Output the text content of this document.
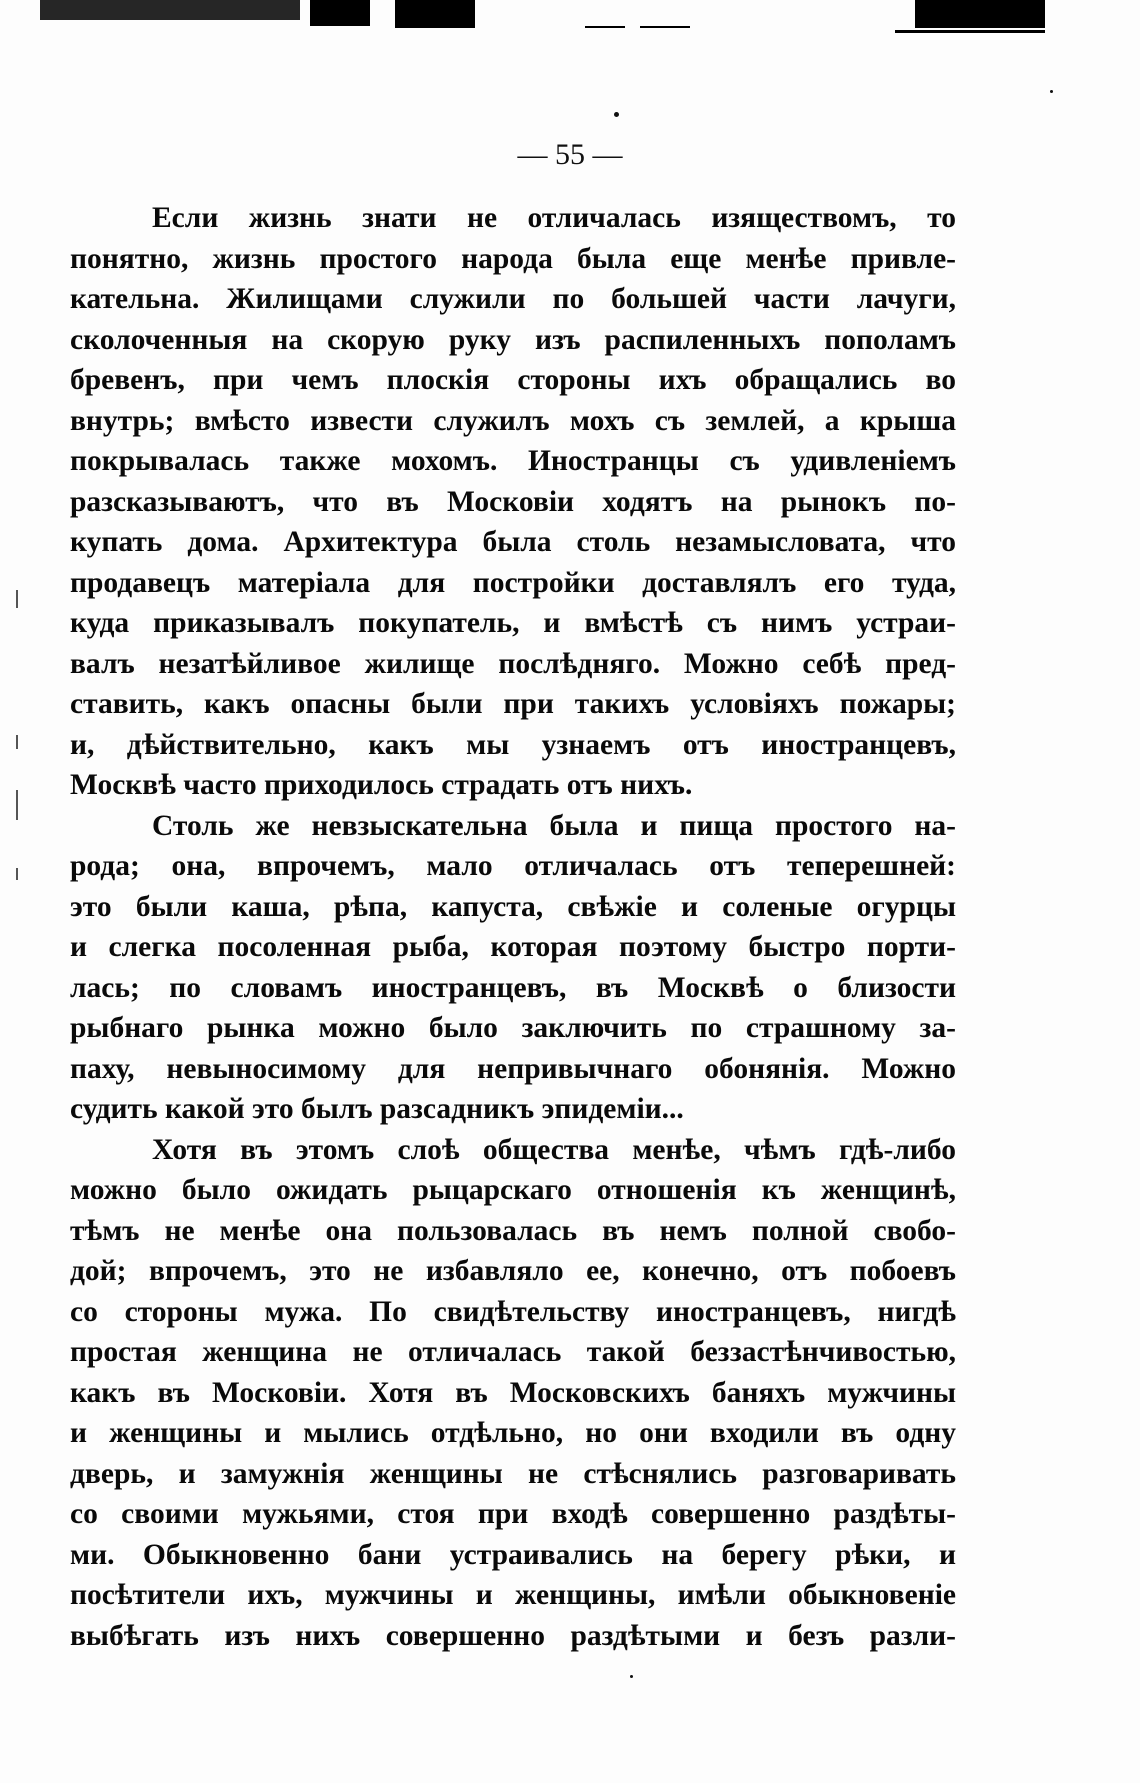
— 55 —
Если жизнь знати не отличалась изяществомъ, то
понятно, жизнь простого народа была еще менѣе привле-
кательна. Жилищами служили по большей части лачуги,
сколоченныя на скорую руку изъ распиленныхъ пополамъ
бревенъ, при чемъ плоскія стороны ихъ обращались во
внутрь; вмѣсто извести служилъ мохъ съ землей, а крыша
покрывалась также мохомъ. Иностранцы съ удивленіемъ
разсказываютъ, что въ Московіи ходятъ на рынокъ по-
купать дома. Архитектура была столь незамысловата, что
продавецъ матеріала для постройки доставлялъ его туда,
куда приказывалъ покупатель, и вмѣстѣ съ нимъ устраи-
валъ незатѣйливое жилище послѣдняго. Можно себѣ пред-
ставить, какъ опасны были при такихъ условіяхъ пожары;
и, дѣйствительно, какъ мы узнаемъ отъ иностранцевъ,
Москвѣ часто приходилось страдать отъ нихъ.
Столь же невзыскательна была и пища простого на-
рода; она, впрочемъ, мало отличалась отъ теперешней:
это были каша, рѣпа, капуста, свѣжіе и соленые огурцы
и слегка посоленная рыба, которая поэтому быстро порти-
лась; по словамъ иностранцевъ, въ Москвѣ о близости
рыбнаго рынка можно было заключить по страшному за-
паху, невыносимому для непривычнаго обонянія. Можно
судить какой это былъ разсадникъ эпидеміи...
Хотя въ этомъ слоѣ общества менѣе, чѣмъ гдѣ-либо
можно было ожидать рыцарскаго отношенія къ женщинѣ,
тѣмъ не менѣе она пользовалась въ немъ полной свобо-
дой; впрочемъ, это не избавляло ее, конечно, отъ побоевъ
со стороны мужа. По свидѣтельству иностранцевъ, нигдѣ
простая женщина не отличалась такой беззастѣнчивостью,
какъ въ Московіи. Хотя въ Московскихъ баняхъ мужчины
и женщины и мылись отдѣльно, но они входили въ одну
дверь, и замужнія женщины не стѣснялись разговаривать
со своими мужьями, стоя при входѣ совершенно раздѣты-
ми. Обыкновенно бани устраивались на берегу рѣки, и
посѣтители ихъ, мужчины и женщины, имѣли обыкновеніе
выбѣгать изъ нихъ совершенно раздѣтыми и безъ разли-
